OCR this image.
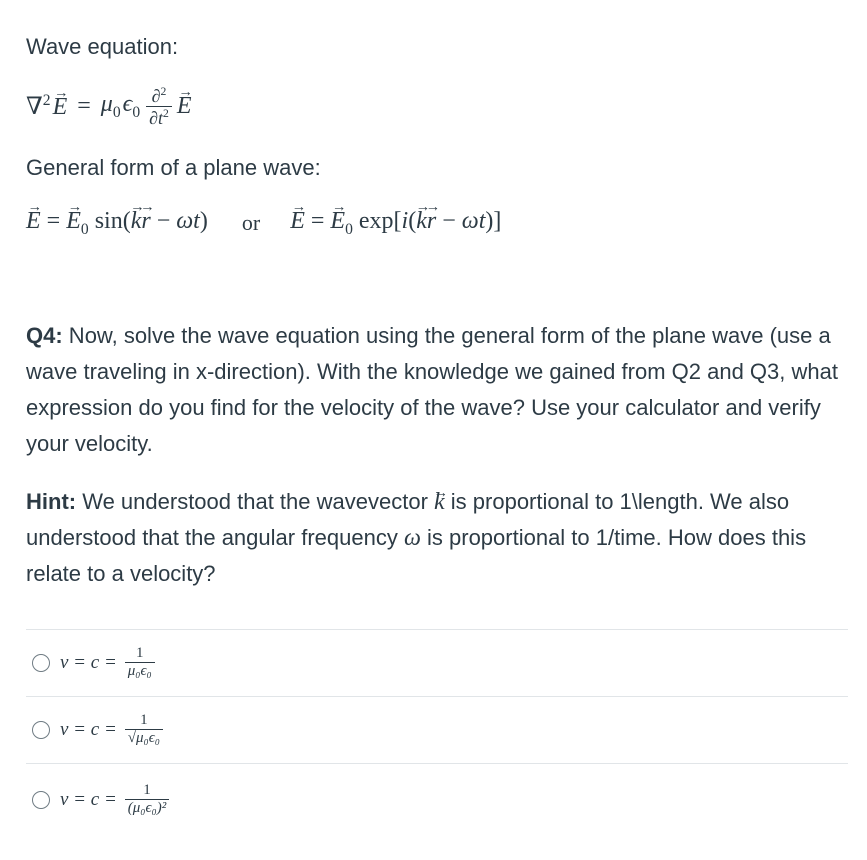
Wave equation:

∇$^2$ → $E = \mu_0$ $\epsilon_0 \frac{\partial^2}{\partial t^2}$
→ E

General form of a plane wave:

→ E = → $E_0$ sin(→ k→ r − ωt) or
→ E = → $E_0$ exp[i(→ k→ r − ωt)]

Q4: Now, solve the wave equation using the general form of the plane wave (use a wave traveling in x-direction). With the knowledge we gained from Q2 and Q3, what expression do you find for the velocity of the wave? Use your calculator and verify your velocity.

Hint: We understood that the wavevector → k is proportional to 1\length. We also understood that the angular frequency ω is proportional to 1/time. How does this relate to a velocity?

$v = c = \frac{1}{\text{μ₀ϵ₀}}$
$v = c = \frac{1}{\text{√μ₀ϵ₀}}$
$v = c = \frac{1}{\text{(μ₀ϵ₀)²}}$
